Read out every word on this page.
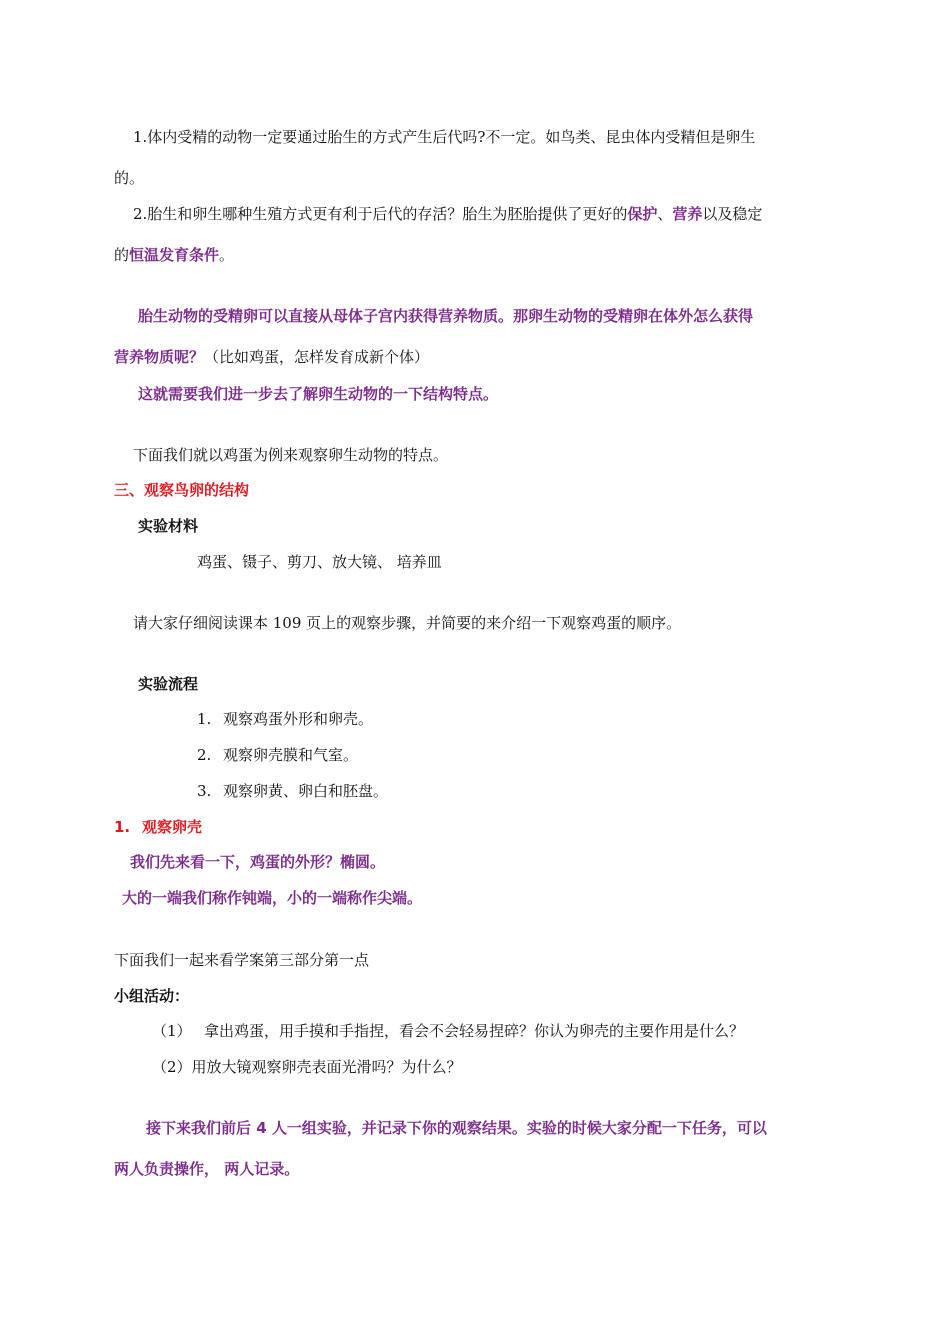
1.体内受精的动物一定要通过胎生的方式产生后代吗?不一定。如鸟类、昆虫体内受精但是卵生
的。
2.胎生和卵生哪种生殖方式更有利于后代的存活？胎生为胚胎提供了更好的保护、营养以及稳定
的恒温发育条件。
胎生动物的受精卵可以直接从母体子宫内获得营养物质。那卵生动物的受精卵在体外怎么获得
营养物质呢？（比如鸡蛋，怎样发育成新个体）
这就需要我们进一步去了解卵生动物的一下结构特点。
下面我们就以鸡蛋为例来观察卵生动物的特点。
三、观察鸟卵的结构
实验材料
鸡蛋、镊子、剪刀、放大镜、 培养皿
请大家仔细阅读课本 109 页上的观察步骤，并简要的来介绍一下观察鸡蛋的顺序。
实验流程
1. 观察鸡蛋外形和卵壳。
2. 观察卵壳膜和气室。
3. 观察卵黄、卵白和胚盘。
1. 观察卵壳
我们先来看一下，鸡蛋的外形？椭圆。
大的一端我们称作钝端，小的一端称作尖端。
下面我们一起来看学案第三部分第一点
小组活动：
（1） 拿出鸡蛋，用手摸和手指捏，看会不会轻易捏碎？你认为卵壳的主要作用是什么？
（2）用放大镜观察卵壳表面光滑吗？为什么？
接下来我们前后 4 人一组实验，并记录下你的观察结果。实验的时候大家分配一下任务，可以
两人负责操作， 两人记录。
